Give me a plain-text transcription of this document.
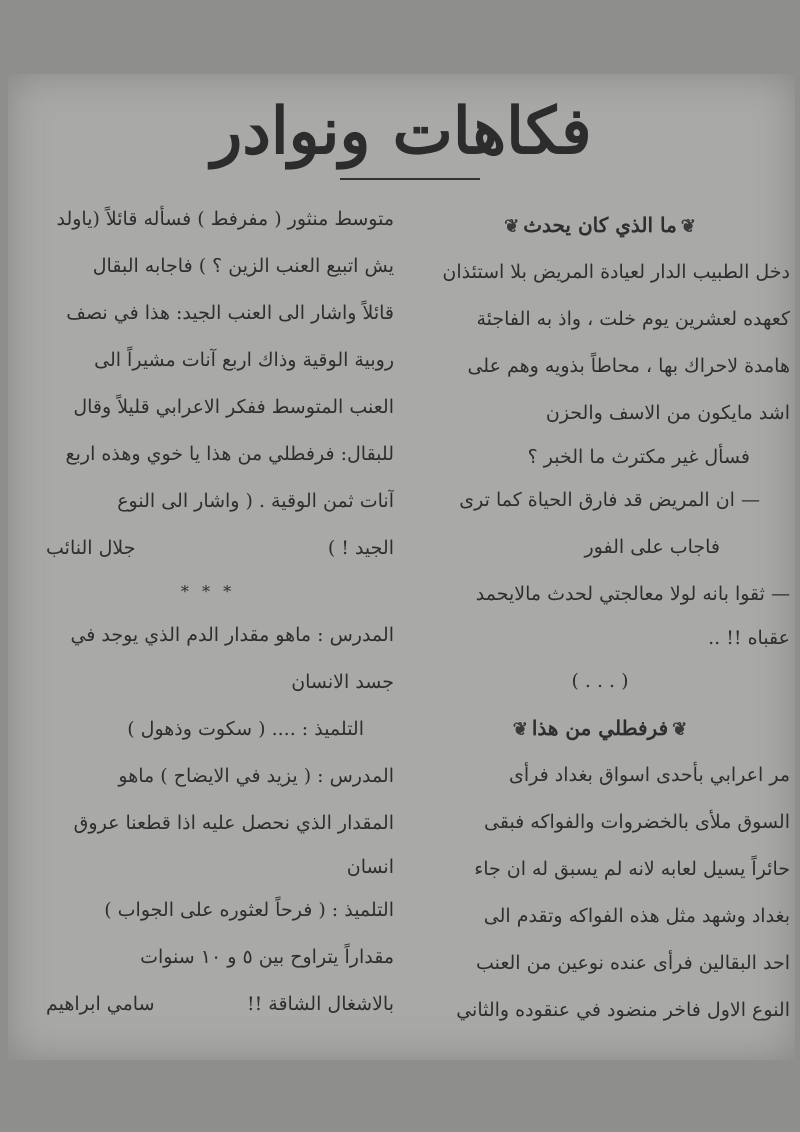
فكاهات ونوادر
❦ما الذي كان يحدث❦
دخل الطبيب الدار لعيادة المريض بلا استئذان
كعهده لعشرين يوم خلت ، واذ به الفاجئة
هامدة لاحراك بها ، محاطاً بذويه وهم على
اشد مايكون من الاسف والحزن
فسأل غير مكترث ما الخبر ؟
— ان المريض قد فارق الحياة كما ترى
فاجاب على الفور
— ثقوا بانه لولا معالجتي لحدث مالايحمد
عقباه !! ..
( . . . )
❦فرفطلي من هذا❦
مر اعرابي بأحدى اسواق بغداد فرأى
السوق ملأى بالخضروات والفواكه فبقى
حائراً يسيل لعابه لانه لم يسبق له ان جاء
بغداد وشهد مثل هذه الفواكه وتقدم الى
احد البقالين فرأى عنده نوعين من العنب
النوع الاول فاخر منضود في عنقوده والثاني
متوسط منثور ( مفرفط ) فسأله قائلاً (ياولد
يش اتبيع العنب الزين ؟ ) فاجابه البقال
قائلاً واشار الى العنب الجيد: هذا في نصف
روبية الوقية وذاك اربع آنات مشيراً الى
العنب المتوسط ففكر الاعرابي قليلاً وقال
للبقال: فرفطلي من هذا يا خوي وهذه اربع
آنات ثمن الوقية . ( واشار الى النوع
الجيد ! )
جلال النائب
* * *
المدرس : ماهو مقدار الدم الذي يوجد في
جسد الانسان
التلميذ : .... ( سكوت وذهول )
المدرس : ( يزيد في الايضاح ) ماهو
المقدار الذي نحصل عليه اذا قطعنا عروق
انسان
التلميذ : ( فرحاً لعثوره على الجواب )
مقداراً يتراوح بين ٥ و ١٠ سنوات
بالاشغال الشاقة !!
سامي ابراهيم
